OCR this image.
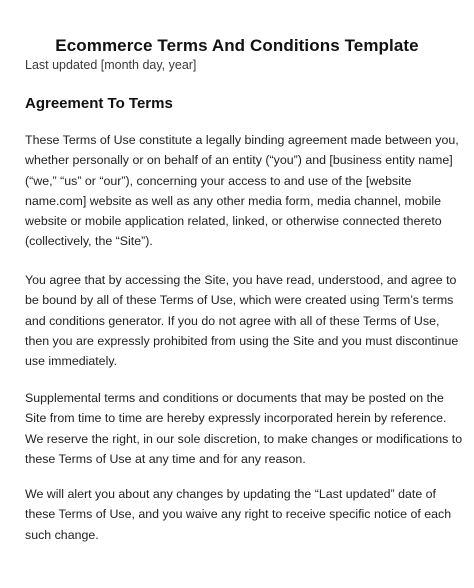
Ecommerce Terms And Conditions Template
Last updated [month day, year]
Agreement To Terms

These Terms of Use constitute a legally binding agreement made between you,
whether personally or on behalf of an entity (“you”) and [business entity name]
(“we,” “us” or “our”), concerning your access to and use of the [website
name.com] website as well as any other media form, media channel, mobile
website or mobile application related, linked, or otherwise connected thereto
(collectively, the “Site”).

You agree that by accessing the Site, you have read, understood, and agree to
be bound by all of these Terms of Use, which were created using Term’s terms
and conditions generator. If you do not agree with all of these Terms of Use,
then you are expressly prohibited from using the Site and you must discontinue
use immediately.

Supplemental terms and conditions or documents that may be posted on the
Site from time to time are hereby expressly incorporated herein by reference.
We reserve the right, in our sole discretion, to make changes or modifications to
these Terms of Use at any time and for any reason.

We will alert you about any changes by updating the “Last updated” date of
these Terms of Use, and you waive any right to receive specific notice of each
such change.
